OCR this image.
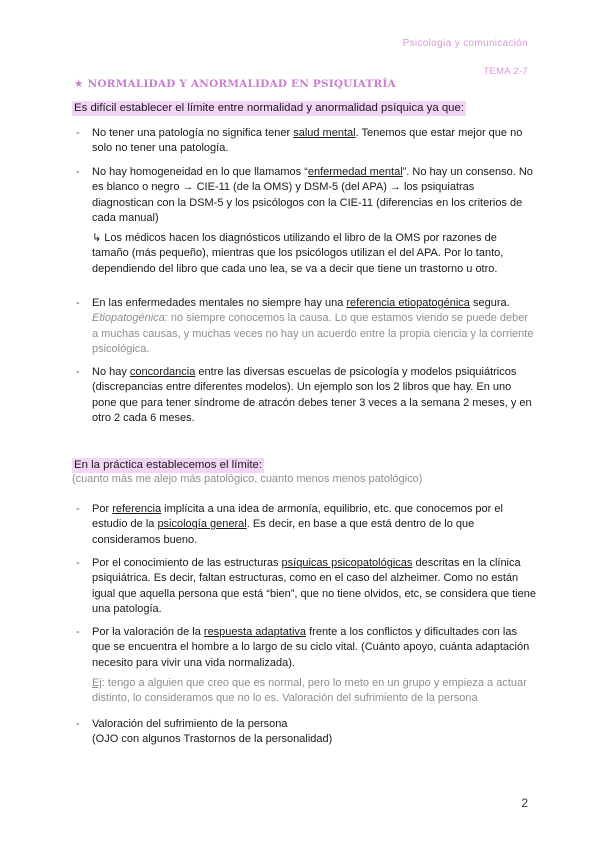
Psicología y comunicación
TEMA 2-7
★ NORMALIDAD Y ANORMALIDAD EN PSIQUIATRÍA
Es difícil establecer el límite entre normalidad y anormalidad psíquica ya que:
-	No tener una patología no significa tener salud mental. Tenemos que estar mejor que no solo no tener una patología.

-	No hay homogeneidad en lo que llamamos “enfermedad mental”. No hay un consenso. No es blanco o negro → CIE-11 (de la OMS) y DSM-5 (del APA) → los psiquiatras diagnostican con la DSM-5 y los psicólogos con la CIE-11 (diferencias en los criterios de cada manual)

↳ Los médicos hacen los diagnósticos utilizando el libro de la OMS por razones de tamaño (más pequeño), mientras que los psicólogos utilizan el del APA. Por lo tanto, dependiendo del libro que cada uno lea, se va a decir que tiene un trastorno u otro.

-	En las enfermedades mentales no siempre hay una referencia etiopatogénica segura.

Etiopatogénica: no siempre conocemos la causa. Lo que estamos viendo se puede deber a muchas causas, y muchas veces no hay un acuerdo entre la propia ciencia y la corriente psicológica.

-	No hay concordancia entre las diversas escuelas de psicología y modelos psiquiátricos (discrepancias entre diferentes modelos). Un ejemplo son los 2 libros que hay. En uno pone que para tener síndrome de atracón debes tener 3 veces a la semana 2 meses, y en otro 2 cada 6 meses.

En la práctica establecemos el límite:
(cuanto más me alejo más patológico, cuanto menos menos patológico)
-	Por referencia implícita a una idea de armonía, equilibrio, etc. que conocemos por el estudio de la psicología general. Es decir, en base a que está dentro de lo que consideramos bueno.

-	Por el conocimiento de las estructuras psíquicas psicopatológicas descritas en la clínica psiquiátrica. Es decir, faltan estructuras, como en el caso del alzheimer. Como no están igual que aquella persona que está “bien”, que no tiene olvidos, etc, se considera que tiene una patología.

-	Por la valoración de la respuesta adaptativa frente a los conflictos y dificultades con las que se encuentra el hombre a lo largo de su ciclo vital. (Cuánto apoyo, cuánta adaptación necesito para vivir una vida normalizada).

Ej: tengo a alguien que creo que es normal, pero lo meto en un grupo y empieza a actuar distinto, lo consideramos que no lo es. Valoración del sufrimiento de la persona

-	Valoración del sufrimiento de la persona

(OJO con algunos Trastornos de la personalidad)

2
